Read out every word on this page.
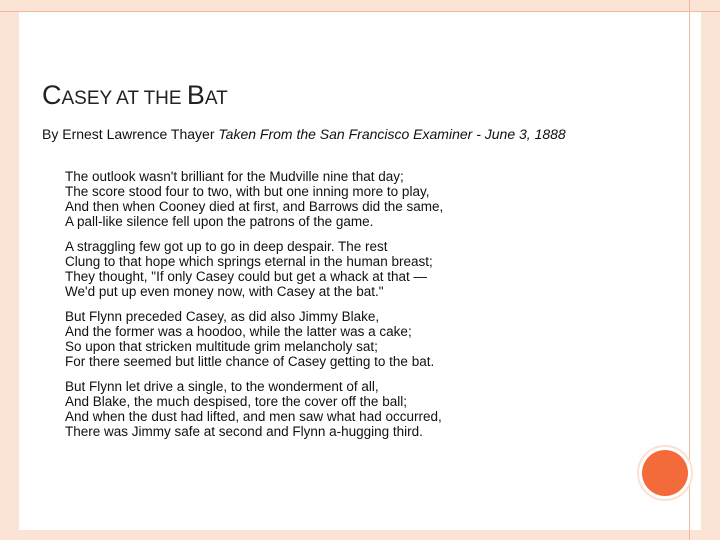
CASEY AT THE BAT
By Ernest Lawrence Thayer Taken From the San Francisco Examiner - June 3, 1888
The outlook wasn't brilliant for the Mudville nine that day;
The score stood four to two, with but one inning more to play,
And then when Cooney died at first, and Barrows did the same,
A pall-like silence fell upon the patrons of the game.
A straggling few got up to go in deep despair. The rest
Clung to that hope which springs eternal in the human breast;
They thought, "If only Casey could but get a whack at that —
We'd put up even money now, with Casey at the bat."
But Flynn preceded Casey, as did also Jimmy Blake,
And the former was a hoodoo, while the latter was a cake;
So upon that stricken multitude grim melancholy sat;
For there seemed but little chance of Casey getting to the bat.
But Flynn let drive a single, to the wonderment of all,
And Blake, the much despised, tore the cover off the ball;
And when the dust had lifted, and men saw what had occurred,
There was Jimmy safe at second and Flynn a-hugging third.
